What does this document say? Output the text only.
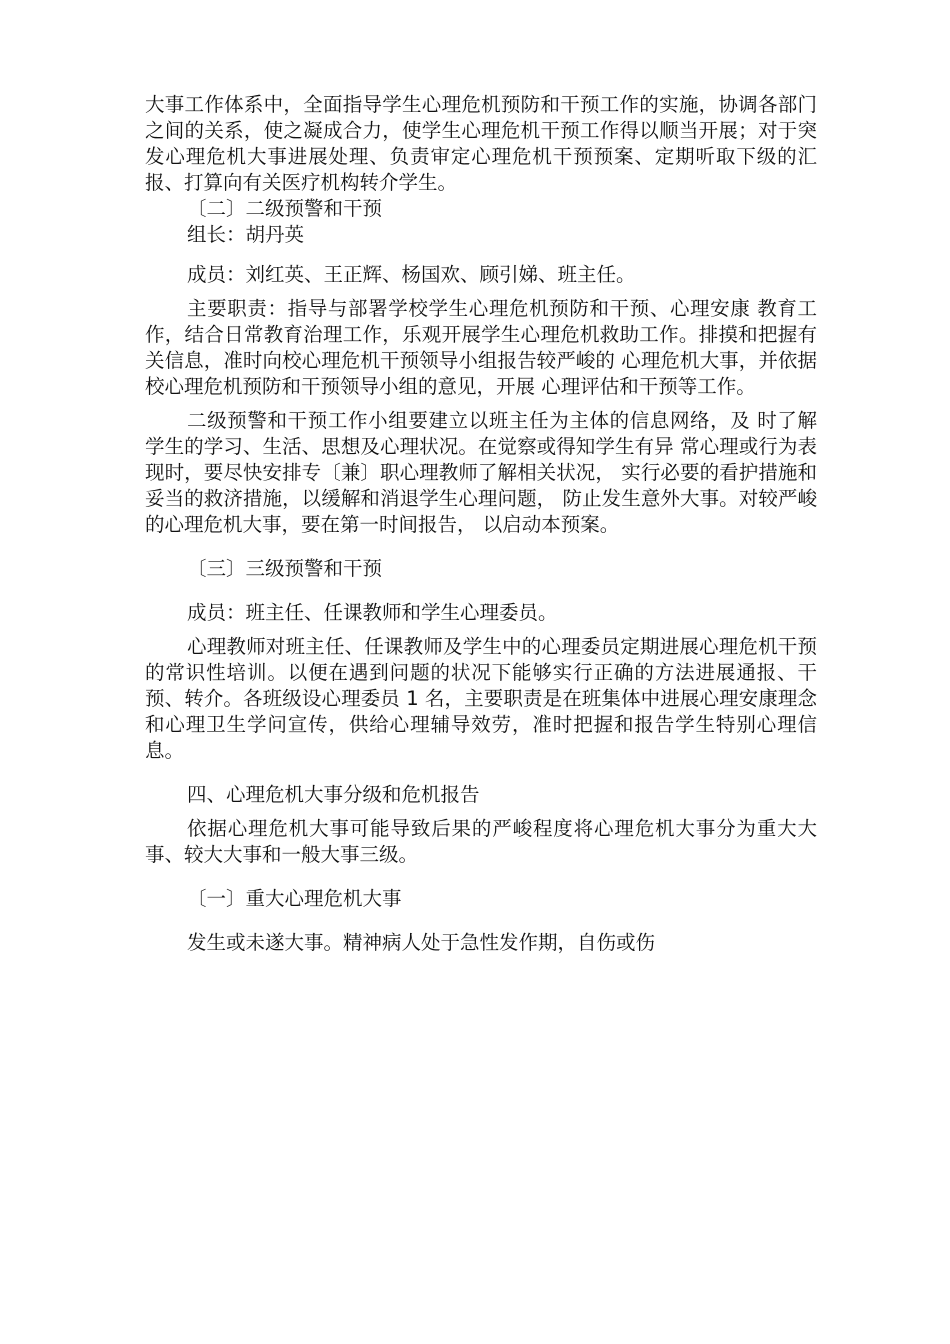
大事工作体系中，全面指导学生心理危机预防和干预工作的实施，协调各部门之间的关系，使之凝成合力，使学生心理危机干预工作得以顺当开展；对于突发心理危机大事进展处理、负责审定心理危机干预预案、定期听取下级的汇报、打算向有关医疗机构转介学生。

〔二〕二级预警和干预

组长：胡丹英

成员：刘红英、王正辉、杨国欢、顾引娣、班主任。

主要职责：指导与部署学校学生心理危机预防和干预、心理安康 教育工作，结合日常教育治理工作，乐观开展学生心理危机救助工作。排摸和把握有关信息，准时向校心理危机干预领导小组报告较严峻的 心理危机大事，并依据校心理危机预防和干预领导小组的意见，开展 心理评估和干预等工作。

二级预警和干预工作小组要建立以班主任为主体的信息网络，及 时了解学生的学习、生活、思想及心理状况。在觉察或得知学生有异 常心理或行为表现时，要尽快安排专〔兼〕职心理教师了解相关状况， 实行必要的看护措施和妥当的救济措施，以缓解和消退学生心理问题， 防止发生意外大事。对较严峻的心理危机大事，要在第一时间报告， 以启动本预案。

〔三〕三级预警和干预

成员：班主任、任课教师和学生心理委员。

心理教师对班主任、任课教师及学生中的心理委员定期进展心理危机干预的常识性培训。以便在遇到问题的状况下能够实行正确的方法进展通报、干预、转介。各班级设心理委员 1 名，主要职责是在班集体中进展心理安康理念和心理卫生学问宣传，供给心理辅导效劳，准时把握和报告学生特别心理信息。

四、心理危机大事分级和危机报告

依据心理危机大事可能导致后果的严峻程度将心理危机大事分为重大大事、较大大事和一般大事三级。

〔一〕重大心理危机大事

发生或未遂大事。精神病人处于急性发作期，自伤或伤
